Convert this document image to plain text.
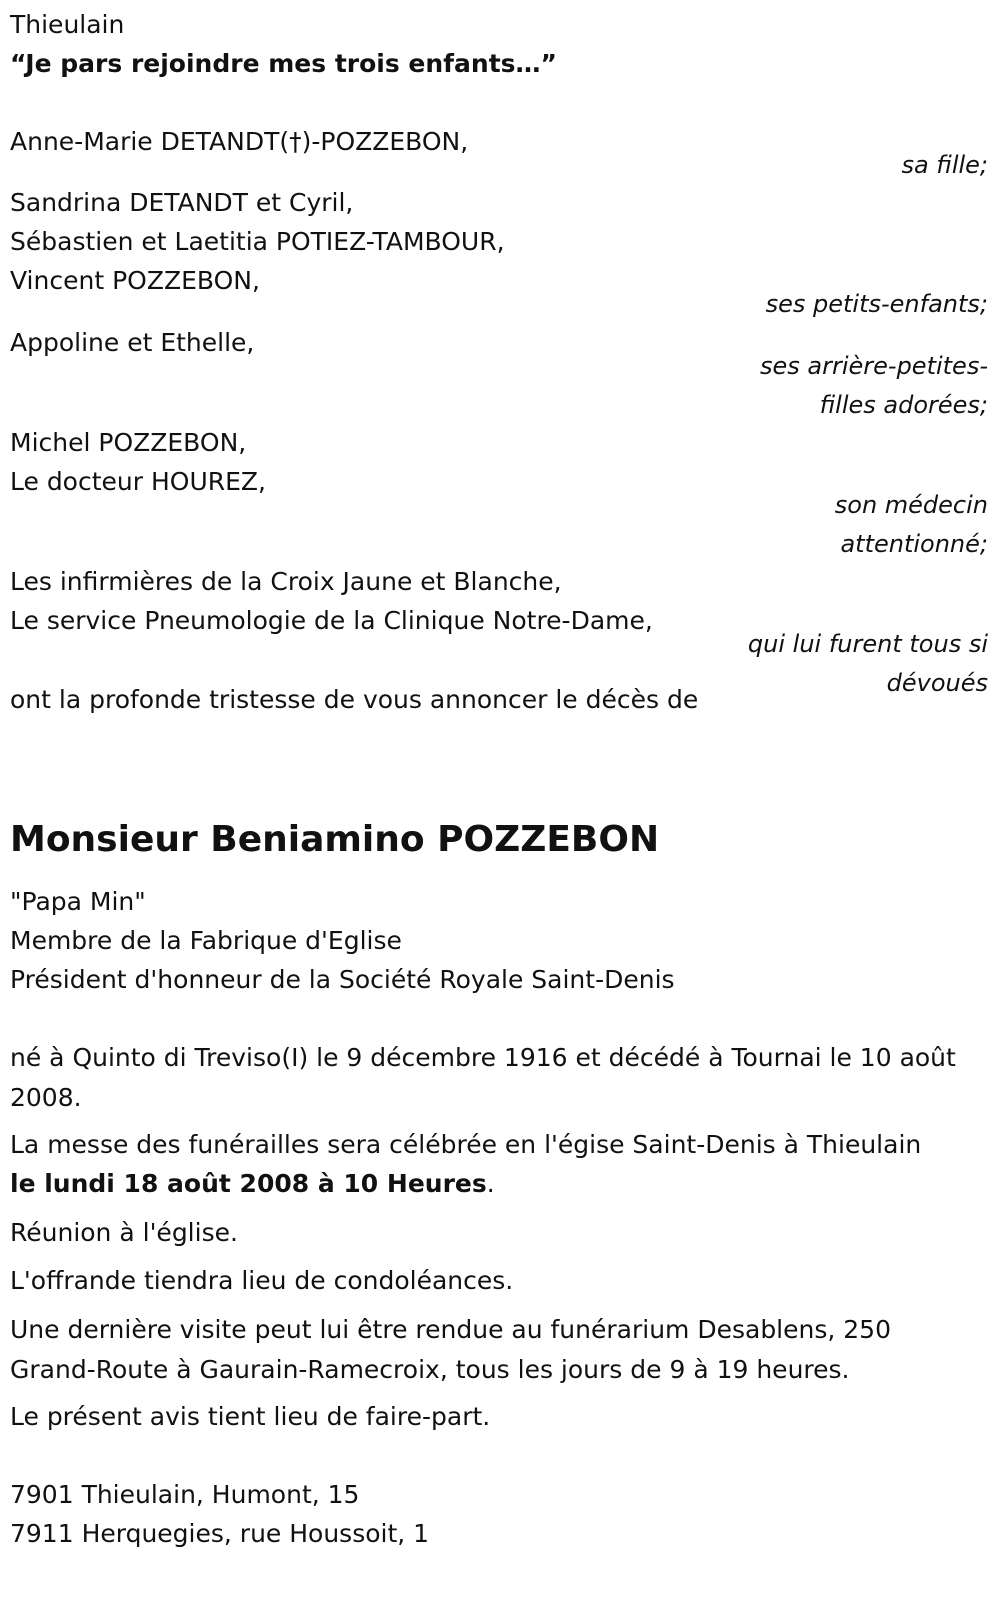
Thieulain
“Je pars rejoindre mes trois enfants…”
Anne-Marie DETANDT(†)-POZZEBON,
sa fille;
Sandrina DETANDT et Cyril,
Sébastien et Laetitia POTIEZ-TAMBOUR,
Vincent POZZEBON,
ses petits-enfants;
Appoline et Ethelle,
ses arrière-petites-
filles adorées;
Michel POZZEBON,
Le docteur HOUREZ,
son médecin
attentionné;
Les infirmières de la Croix Jaune et Blanche,
Le service Pneumologie de la Clinique Notre-Dame,
qui lui furent tous si
dévoués
ont la profonde tristesse de vous annoncer le décès de
Monsieur Beniamino POZZEBON
"Papa Min"
Membre de la Fabrique d'Eglise
Président d'honneur de la Société Royale Saint-Denis
né à Quinto di Treviso(I) le 9 décembre 1916 et décédé à Tournai le 10 août 2008.
La messe des funérailles sera célébrée en l'égise Saint-Denis à Thieulain
le lundi 18 août 2008 à 10 Heures.
Réunion à l'église.
L'offrande tiendra lieu de condoléances.
Une dernière visite peut lui être rendue au funérarium Desablens, 250 Grand-Route à Gaurain-Ramecroix, tous les jours de 9 à 19 heures.
Le présent avis tient lieu de faire-part.
7901 Thieulain, Humont, 15
7911 Herquegies, rue Houssoit, 1
